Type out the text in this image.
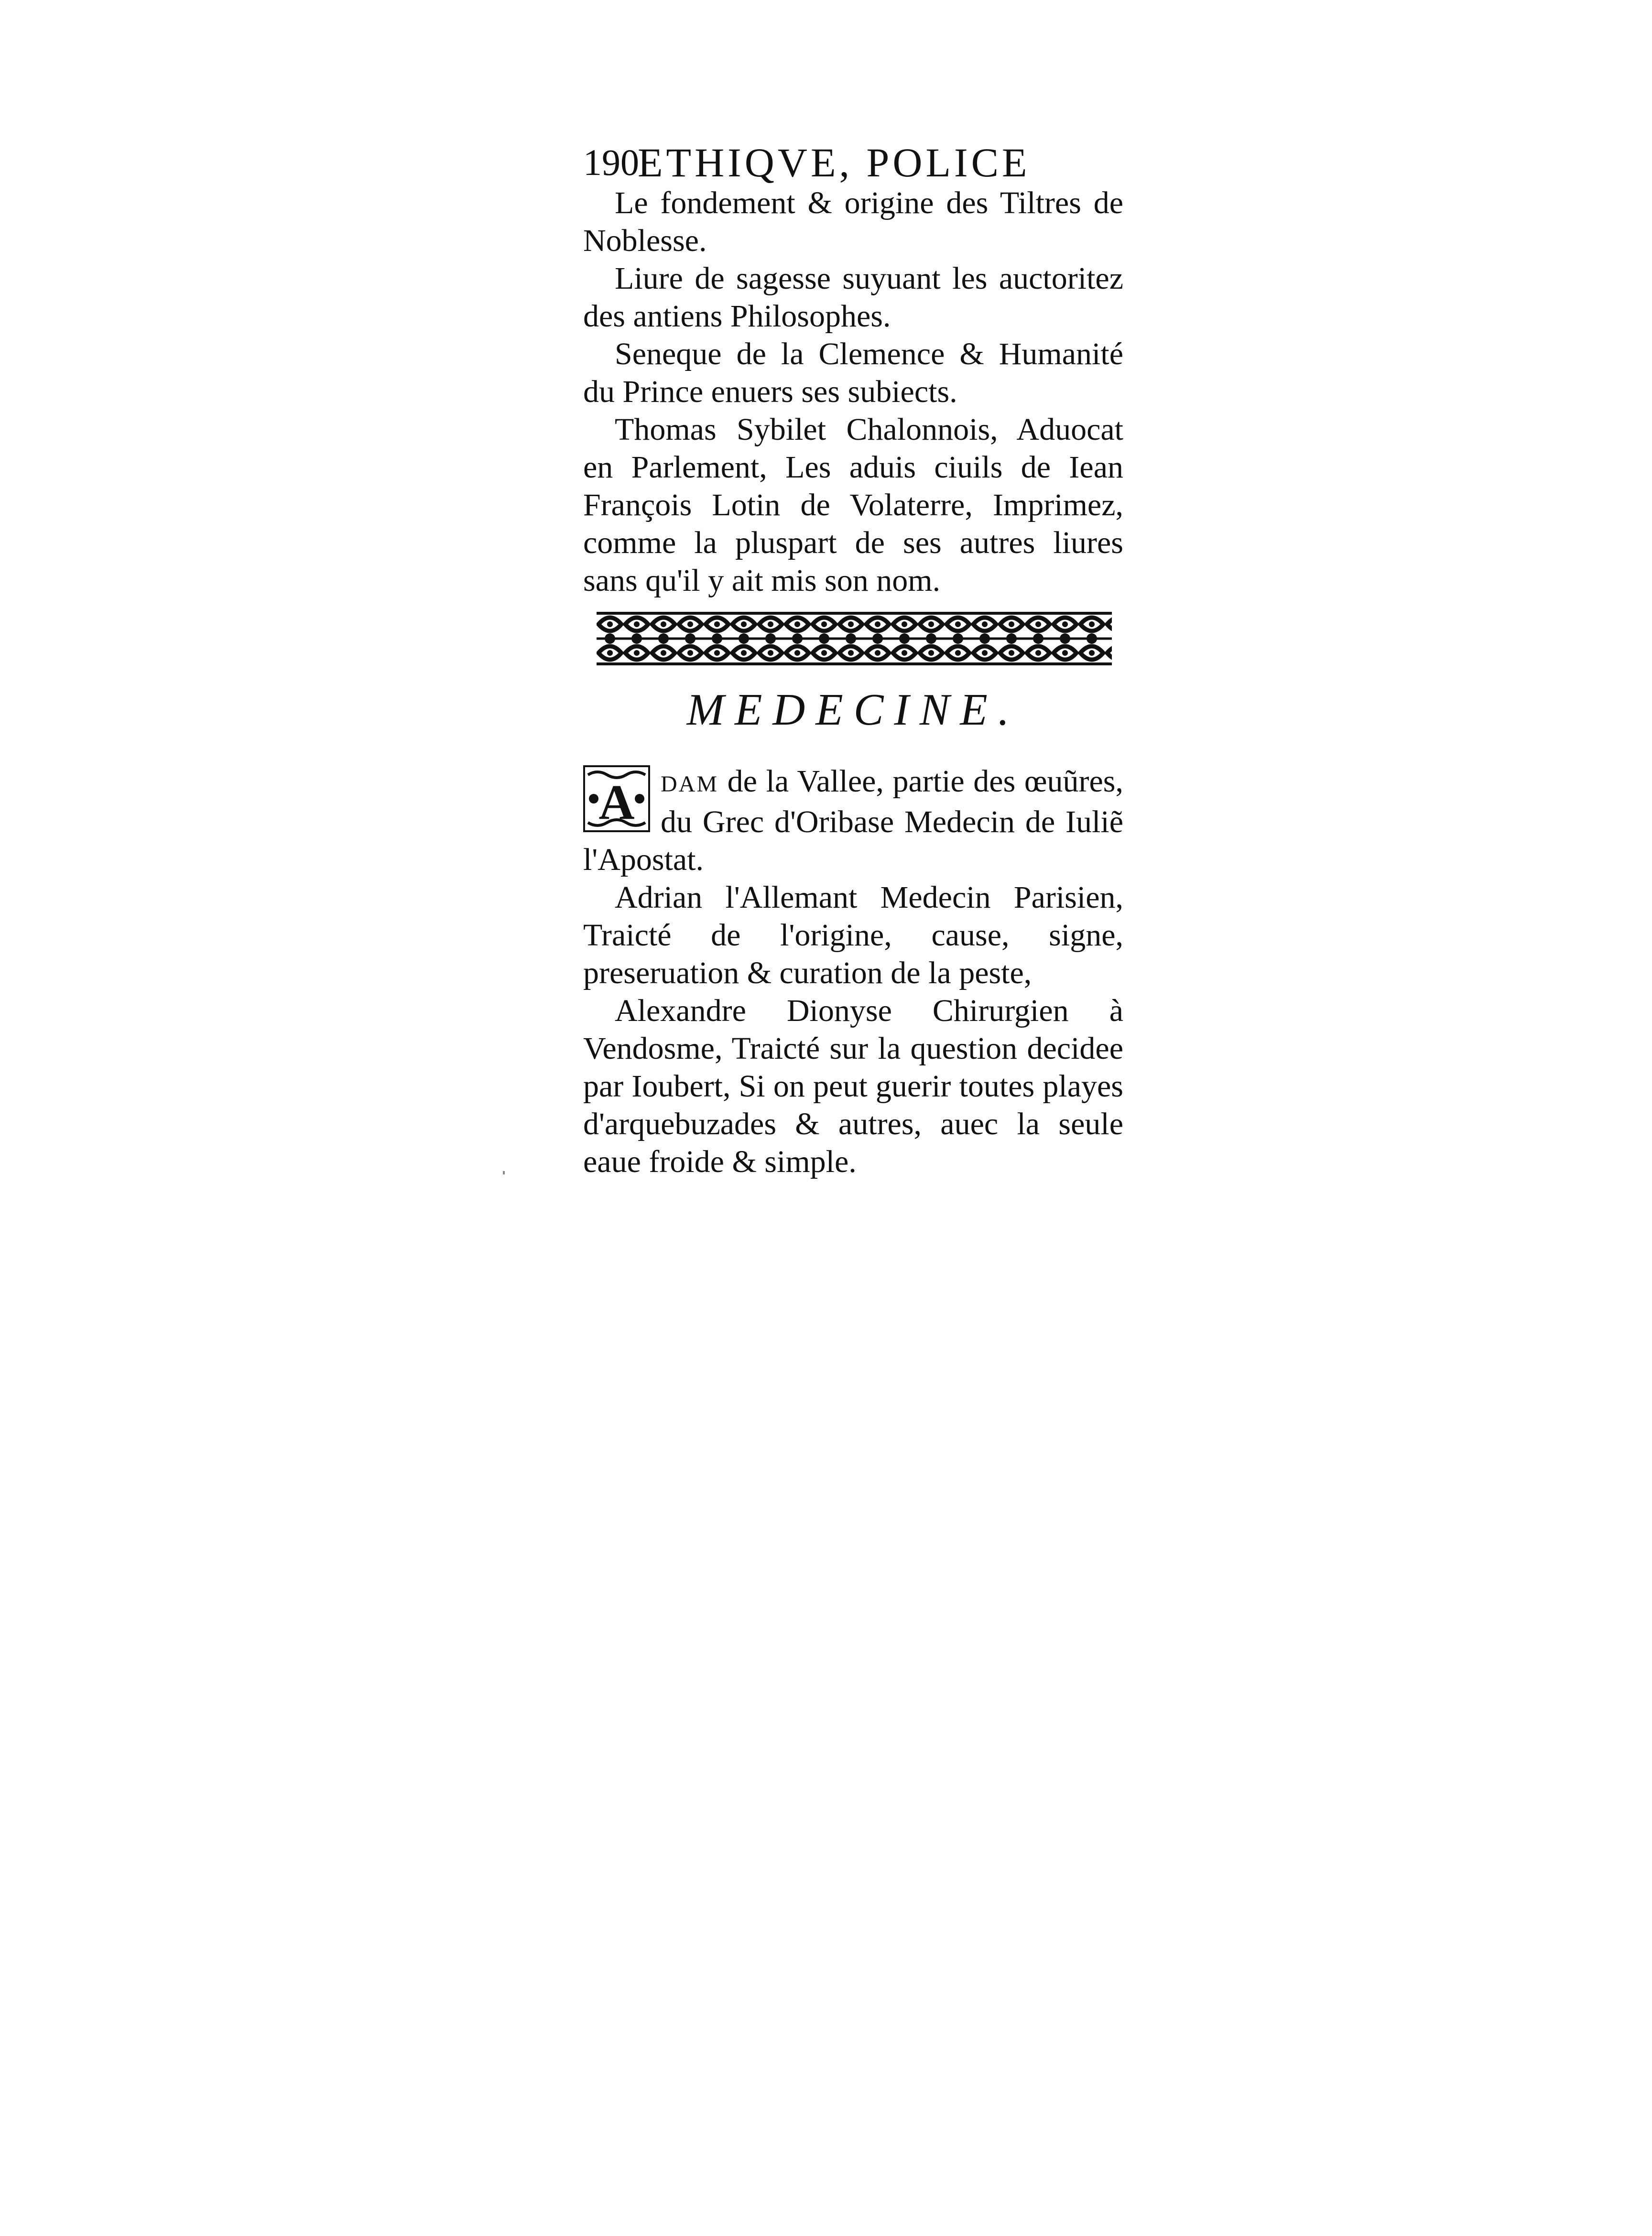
190
ETHIQVE, POLICE

Le fondement & origine des Tiltres de Noblesse.

Liure de sagesse suyuant les auctoritez des antiens Philosophes.

Seneque de la Clemence & Humanité du Prince enuers ses subiects.

Thomas Sybilet Chalonnois, Aduocat en Parlement, Les aduis ciuils de Iean François Lotin de Volaterre, Imprimez, comme la pluspart de ses autres liures sans qu'il y ait mis son nom.

MEDECINE.

A DAM de la Vallee, partie des œuũres, du Grec d'Oribase Medecin de Iuliẽ l'Apostat.

Adrian l'Allemant Medecin Parisien, Traicté de l'origine, cause, signe, preseruation & curation de la peste,

Alexandre Dionyse Chirurgien à Vendosme, Traicté sur la question decidee par Ioubert, Si on peut guerir toutes playes d'arquebuzades & autres, auec la seule eaue froide & simple.
